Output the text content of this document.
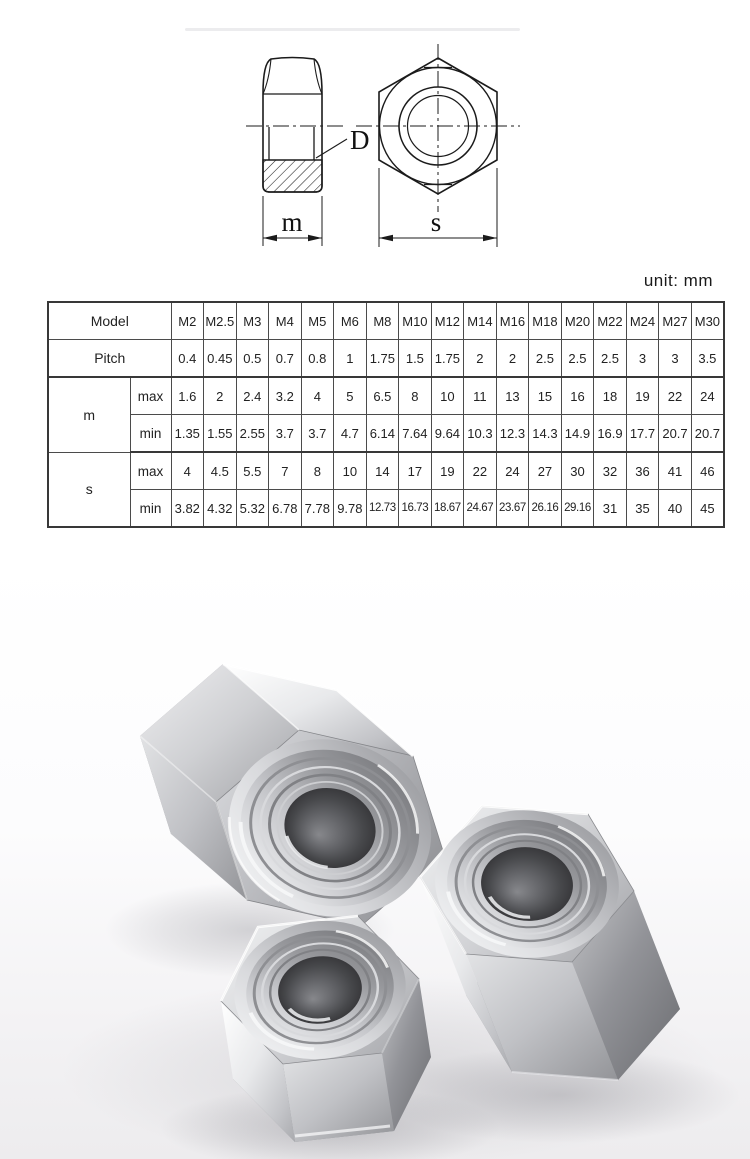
D
m	s
unit: mm
Model		M2	M2.5	M3	M4	M5	M6	M8	M10	M12	M14	M16	M18	M20	M22	M24	M27	M30
Pitch		0.4	0.45	0.5	0.7	0.8	1	1.75	1.5	1.75	2	2	2.5	2.5	2.5	3	3	3.5
m	max	1.6	2	2.4	3.2	4	5	6.5	8	10	11	13	15	16	18	19	22	24
	min	1.35	1.55	2.55	3.7	3.7	4.7	6.14	7.64	9.64	10.3	12.3	14.3	14.9	16.9	17.7	20.7	20.7
s	max	4	4.5	5.5	7	8	10	14	17	19	22	24	27	30	32	36	41	46
	min	3.82	4.32	5.32	6.78	7.78	9.78	12.73	16.73	18.67	24.67	23.67	26.16	29.16	31	35	40	45
